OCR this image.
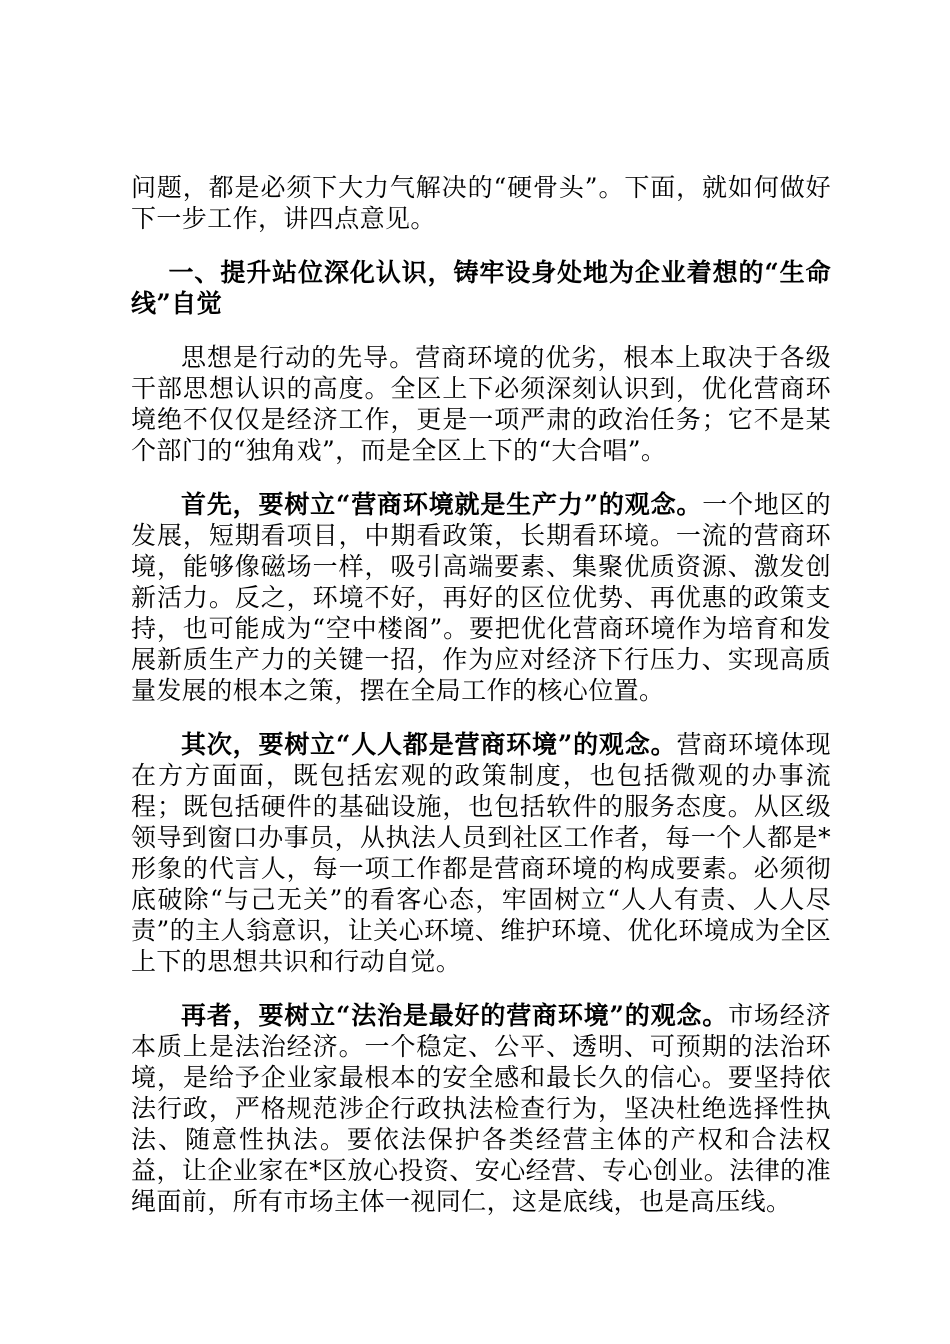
问题，都是必须下大力气解决的“硬骨头”。下面，就如何做好下一步工作，讲四点意见。

一、提升站位深化认识，铸牢设身处地为企业着想的“生命线”自觉

思想是行动的先导。营商环境的优劣，根本上取决于各级干部思想认识的高度。全区上下必须深刻认识到，优化营商环境绝不仅仅是经济工作，更是一项严肃的政治任务；它不是某个部门的“独角戏”，而是全区上下的“大合唱”。

首先，要树立“营商环境就是生产力”的观念。一个地区的发展，短期看项目，中期看政策，长期看环境。一流的营商环境，能够像磁场一样，吸引高端要素、集聚优质资源、激发创新活力。反之，环境不好，再好的区位优势、再优惠的政策支持，也可能成为“空中楼阁”。要把优化营商环境作为培育和发展新质生产力的关键一招，作为应对经济下行压力、实现高质量发展的根本之策，摆在全局工作的核心位置。

其次，要树立“人人都是营商环境”的观念。营商环境体现在方方面面，既包括宏观的政策制度，也包括微观的办事流程；既包括硬件的基础设施，也包括软件的服务态度。从区级领导到窗口办事员，从执法人员到社区工作者，每一个人都是*形象的代言人，每一项工作都是营商环境的构成要素。必须彻底破除“与己无关”的看客心态，牢固树立“人人有责、人人尽责”的主人翁意识，让关心环境、维护环境、优化环境成为全区上下的思想共识和行动自觉。

再者，要树立“法治是最好的营商环境”的观念。市场经济本质上是法治经济。一个稳定、公平、透明、可预期的法治环境，是给予企业家最根本的安全感和最长久的信心。要坚持依法行政，严格规范涉企行政执法检查行为，坚决杜绝选择性执法、随意性执法。要依法保护各类经营主体的产权和合法权益，让企业家在*区放心投资、安心经营、专心创业。法律的准绳面前，所有市场主体一视同仁，这是底线，也是高压线。
